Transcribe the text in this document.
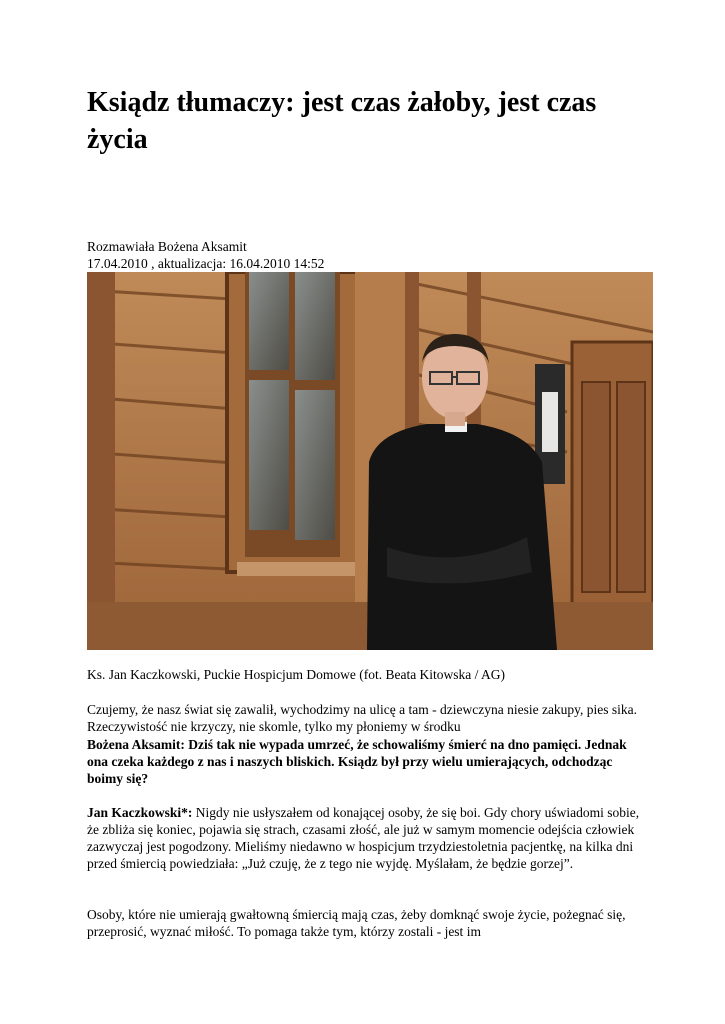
Ksiądz tłumaczy: jest czas żałoby, jest czas życia
Rozmawiała Bożena Aksamit
17.04.2010 , aktualizacja: 16.04.2010 14:52
Ks. Jan Kaczkowski, Puckie Hospicjum Domowe (fot. Beata Kitowska / AG)

Czujemy, że nasz świat się zawalił, wychodzimy na ulicę a tam - dziewczyna niesie zakupy, pies sika. Rzeczywistość nie krzyczy, nie skomle, tylko my płoniemy w środku

Bożena Aksamit: Dziś tak nie wypada umrzeć, że schowaliśmy śmierć na dno pamięci. Jednak ona czeka każdego z nas i naszych bliskich. Ksiądz był przy wielu umierających, odchodząc boimy się?

Jan Kaczkowski*: Nigdy nie usłyszałem od konającej osoby, że się boi. Gdy chory uświadomi sobie, że zbliża się koniec, pojawia się strach, czasami złość, ale już w samym momencie odejścia człowiek zazwyczaj jest pogodzony. Mieliśmy niedawno w hospicjum trzydziestoletnia pacjentkę, na kilka dni przed śmiercią powiedziała: „Już czuję, że z tego nie wyjdę. Myślałam, że będzie gorzej”.

Osoby, które nie umierają gwałtowną śmiercią mają czas, żeby domknąć swoje życie, pożegnać się, przeprosić, wyznać miłość. To pomaga także tym, którzy zostali - jest im
